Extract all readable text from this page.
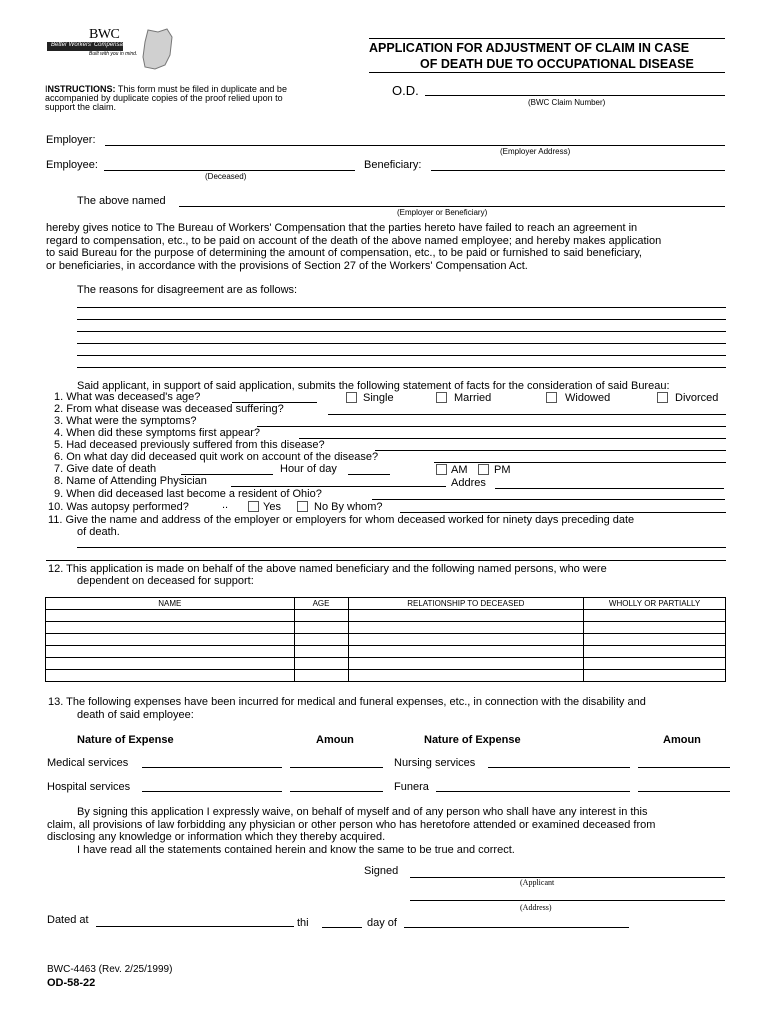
BWC
Better Workers' Compensation
Built with you in mind.	APPLICATION FOR ADJUSTMENT OF CLAIM IN CASE
OF DEATH DUE TO OCCUPATIONAL DISEASE
INSTRUCTIONS: This form must be filed in duplicate and be
accompanied by duplicate copies of the proof relied upon to
support the claim.
O.D.
(BWC Claim Number)
Employer:
(Employer Address)
Employee:
(Deceased)
Beneficiary:
The above named
(Employer or Beneficiary)
hereby gives notice to The Bureau of Workers' Compensation that the parties hereto have failed to reach an agreement in
regard to compensation, etc., to be paid on account of the death of the above named employee; and hereby makes application
to said Bureau for the purpose of determining the amount of compensation, etc., to be paid or furnished to said beneficiary,
or beneficiaries, in accordance with the provisions of Section 27 of the Workers' Compensation Act.
The reasons for disagreement are as follows:
Said applicant, in support of said application, submits the following statement of facts for the consideration of said Bureau:
1. What was deceased's age?	Single	Married	Widowed	Divorced
2. From what disease was deceased suffering?
3. What were the symptoms?
4. When did these symptoms first appear?
5. Had deceased previously suffered from this disease?
6. On what day did deceased quit work on account of the disease?
7. Give date of death	Hour of day	AM PM
8. Name of Attending Physician	Addres
9. When did deceased last become a resident of Ohio?
10. Was autopsy performed?	..	Yes	No By whom?
11. Give the name and address of the employer or employers for whom deceased worked for ninety days preceding date
of death.
12. This application is made on behalf of the above named beneficiary and the following named persons, who were
dependent on deceased for support:
NAME	AGE	RELATIONSHIP TO DECEASED	WHOLLY OR PARTIALLY

13. The following expenses have been incurred for medical and funeral expenses, etc., in connection with the disability and
death of said employee:
Nature of Expense	Amoun	Nature of Expense	Amoun
Medical services	Nursing services
Hospital services	Funera
By signing this application I expressly waive, on behalf of myself and of any person who shall have any interest in this
claim, all provisions of law forbidding any physician or other person who has heretofore attended or examined deceased from
disclosing any knowledge or information which they thereby acquired.
I have read all the statements contained herein and know the same to be true and correct.
Signed
(Applicant
(Address)
Dated at	thi	day of
BWC-4463 (Rev. 2/25/1999)
OD-58-22
